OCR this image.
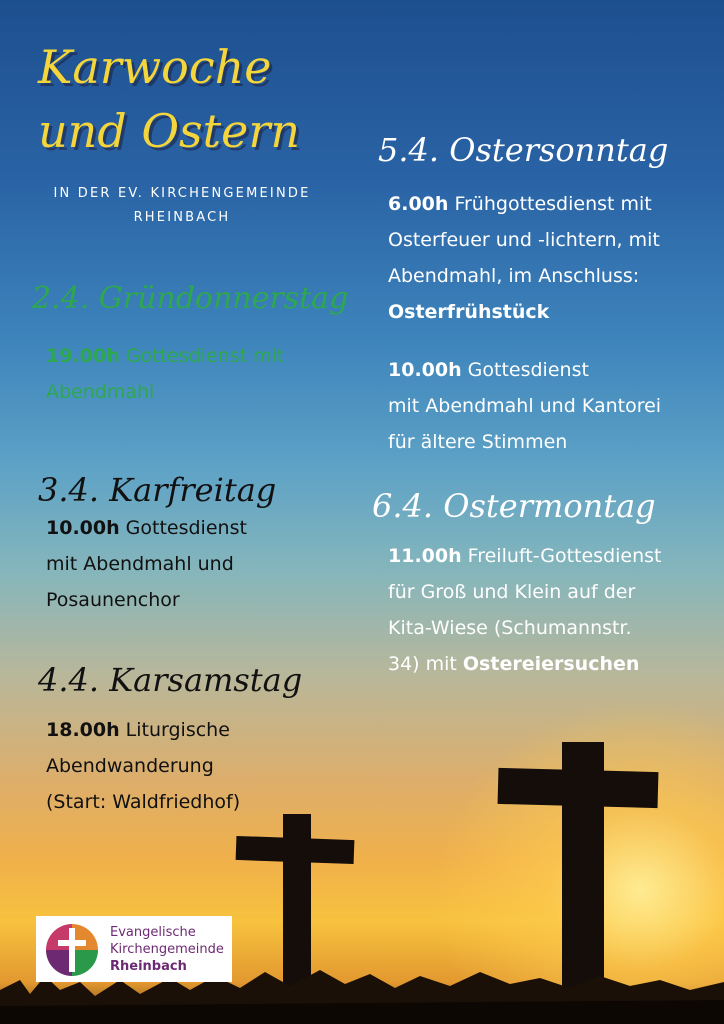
Karwoche
und Ostern
IN DER EV. KIRCHENGEMEINDE
RHEINBACH
2.4. Gründonnerstag
19.00h Gottesdienst mit
Abendmahl
3.4. Karfreitag
10.00h Gottesdienst
mit Abendmahl und
Posaunenchor
4.4. Karsamstag
18.00h Liturgische
Abendwanderung
(Start: Waldfriedhof)
5.4. Ostersonntag
6.00h Frühgottesdienst mit
Osterfeuer und -lichtern, mit
Abendmahl, im Anschluss:
Osterfrühstück
10.00h Gottesdienst
mit Abendmahl und Kantorei
für ältere Stimmen
6.4. Ostermontag
11.00h Freiluft-Gottesdienst
für Groß und Klein auf der
Kita-Wiese (Schumannstr.
34) mit Ostereiersuchen
Evangelische
Kirchengemeinde
Rheinbach
